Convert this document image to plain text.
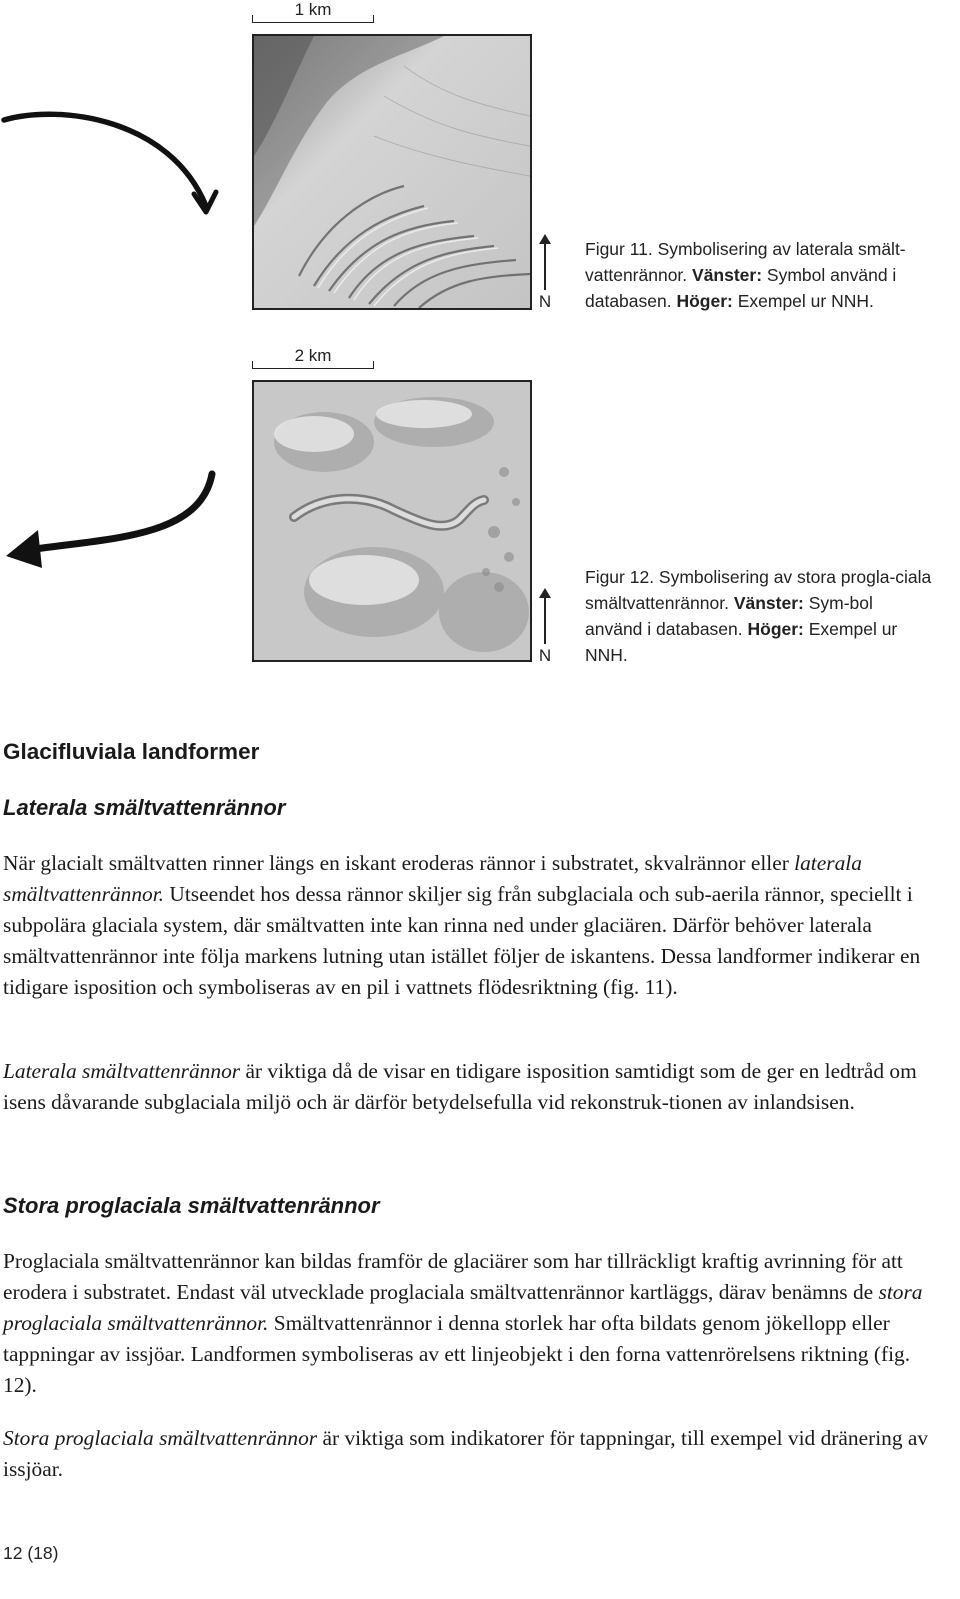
1 km
N
Figur 11. Symbolisering av laterala smält-vattenrännor. Vänster: Symbol använd i databasen. Höger: Exempel ur NNH.
2 km
N
Figur 12. Symbolisering av stora progla-ciala smältvattenrännor. Vänster: Sym-bol använd i databasen. Höger: Exempel ur NNH.
Glacifluviala landformer
Laterala smältvattenrännor

När glacialt smältvatten rinner längs en iskant eroderas rännor i substratet, skvalrännor eller laterala smältvattenrännor. Utseendet hos dessa rännor skiljer sig från subglaciala och sub-aerila rännor, speciellt i subpolära glaciala system, där smältvatten inte kan rinna ned under glaciären. Därför behöver laterala smältvattenrännor inte följa markens lutning utan istället följer de iskantens. Dessa landformer indikerar en tidigare isposition och symboliseras av en pil i vattnets flödesriktning (fig. 11).

Laterala smältvattenrännor är viktiga då de visar en tidigare isposition samtidigt som de ger en ledtråd om isens dåvarande subglaciala miljö och är därför betydelsefulla vid rekonstruk-tionen av inlandsisen.

Stora proglaciala smältvattenrännor

Proglaciala smältvattenrännor kan bildas framför de glaciärer som har tillräckligt kraftig avrinning för att erodera i substratet. Endast väl utvecklade proglaciala smältvattenrännor kartläggs, därav benämns de stora proglaciala smältvattenrännor. Smältvattenrännor i denna storlek har ofta bildats genom jökellopp eller tappningar av issjöar. Landformen symboliseras av ett linjeobjekt i den forna vattenrörelsens riktning (fig. 12).

Stora proglaciala smältvattenrännor är viktiga som indikatorer för tappningar, till exempel vid dränering av issjöar.

12 (18)
